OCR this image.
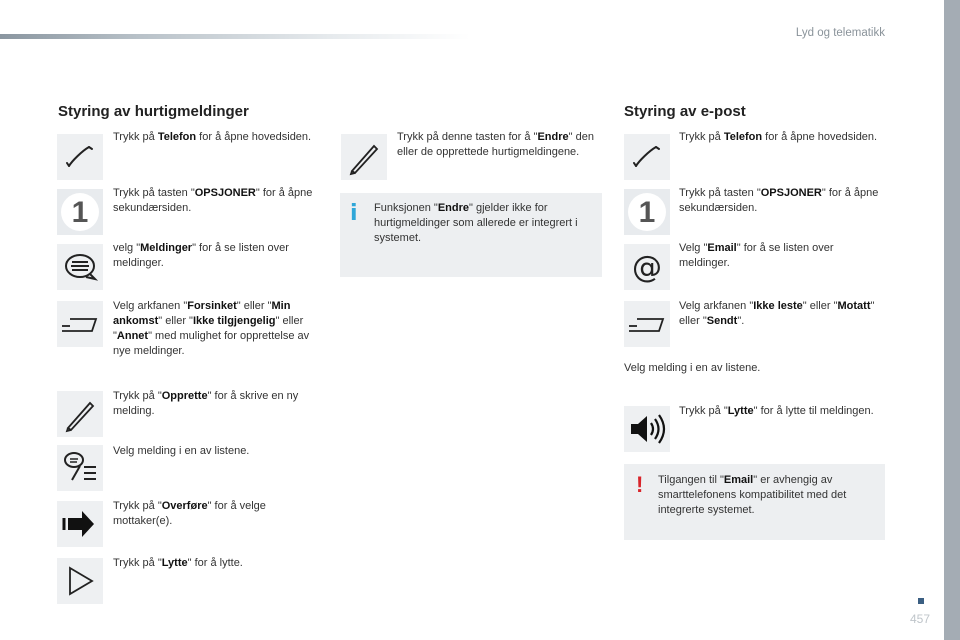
Lyd og telematikk
457
Styring av hurtigmeldinger
Trykk på Telefon for å åpne hovedsiden.
1
Trykk på tasten "OPSJONER" for å åpne sekundærsiden.
velg "Meldinger" for å se listen over meldinger.
Velg arkfanen "Forsinket" eller "Min ankomst" eller "Ikke tilgjengelig" eller "Annet" med mulighet for opprettelse av nye meldinger.
Trykk på "Opprette" for å skrive en ny melding.
Velg melding i en av listene.
Trykk på "Overføre" for å velge mottaker(e).
Trykk på "Lytte" for å lytte.
Trykk på denne tasten for å "Endre" den eller de opprettede hurtigmeldingene.
i Funksjonen "Endre" gjelder ikke for hurtigmeldinger som allerede er integrert i systemet.
Styring av e-post
Trykk på Telefon for å åpne hovedsiden.
1
Trykk på tasten "OPSJONER" for å åpne sekundærsiden.
@
Velg "Email" for å se listen over meldinger.
Velg arkfanen "Ikke leste" eller "Motatt" eller "Sendt".
Velg melding i en av listene.
Trykk på "Lytte" for å lytte til meldingen.
! Tilgangen til "Email" er avhengig av smarttelefonens kompatibilitet med det integrerte systemet.
